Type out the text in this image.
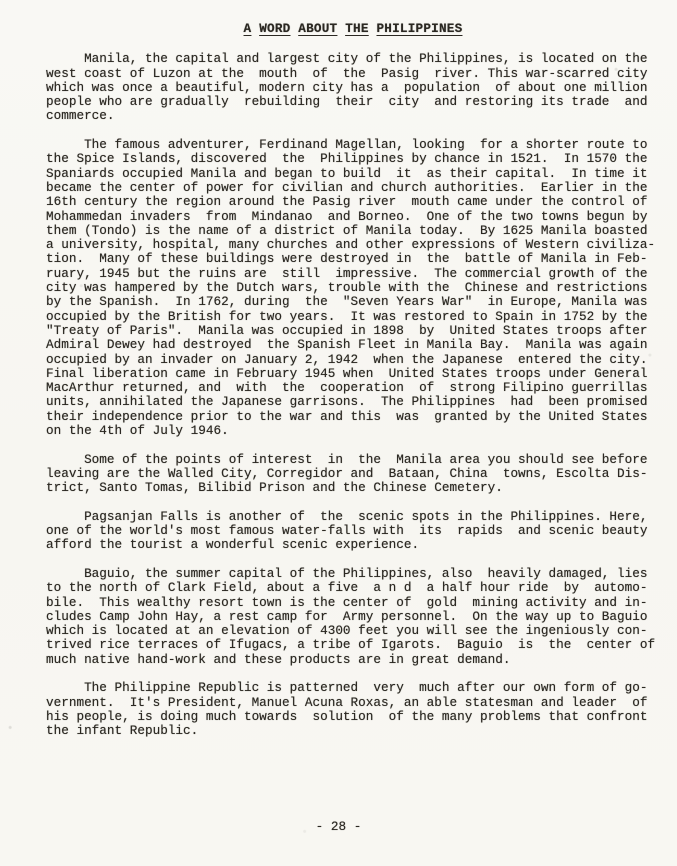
A WORD ABOUT THE PHILIPPINES
Manila, the capital and largest city of the Philippines, is located on the
west coast of Luzon at the  mouth  of  the  Pasig  river. This war-scarred city
which was once a beautiful, modern city has a  population  of about one million
people who are gradually  rebuilding  their  city  and restoring its trade  and
commerce.
The famous adventurer, Ferdinand Magellan, looking  for a shorter route to
the Spice Islands, discovered  the  Philippines by chance in 1521.  In 1570 the
Spaniards occupied Manila and began to build  it  as their capital.  In time it
became the center of power for civilian and church authorities.  Earlier in the
16th century the region around the Pasig river  mouth came under the control of
Mohammedan invaders  from  Mindanao  and Borneo.  One of the two towns begun by
them (Tondo) is the name of a district of Manila today.  By 1625 Manila boasted
a university, hospital, many churches and other expressions of Western civiliza-
tion.  Many of these buildings were destroyed in  the  battle of Manila in Feb-
ruary, 1945 but the ruins are  still  impressive.  The commercial growth of the
city was hampered by the Dutch wars, trouble with the  Chinese and restrictions
by the Spanish.  In 1762, during  the  "Seven Years War"  in Europe, Manila was
occupied by the British for two years.  It was restored to Spain in 1752 by the
"Treaty of Paris".  Manila was occupied in 1898  by  United States troops after
Admiral Dewey had destroyed  the Spanish Fleet in Manila Bay.  Manila was again
occupied by an invader on January 2, 1942  when the Japanese  entered the city.
Final liberation came in February 1945 when  United States troops under General
MacArthur returned, and  with  the  cooperation  of  strong Filipino guerrillas
units, annihilated the Japanese garrisons.  The Philippines  had  been promised
their independence prior to the war and this  was  granted by the United States
on the 4th of July 1946.
Some of the points of interest  in  the  Manila area you should see before
leaving are the Walled City, Corregidor and  Bataan, China  towns, Escolta Dis-
trict, Santo Tomas, Bilibid Prison and the Chinese Cemetery.
Pagsanjan Falls is another of  the  scenic spots in the Philippines. Here,
one of the world's most famous water-falls with  its  rapids  and scenic beauty
afford the tourist a wonderful scenic experience.
Baguio, the summer capital of the Philippines, also  heavily damaged, lies
to the north of Clark Field, about a five  a n d  a half hour ride  by  automo-
bile.  This wealthy resort town is the center of  gold  mining activity and in-
cludes Camp John Hay, a rest camp for  Army personnel.  On the way up to Baguio
which is located at an elevation of 4300 feet you will see the ingeniously con-
trived rice terraces of Ifugacs, a tribe of Igarots.  Baguio  is  the  center of
much native hand-work and these products are in great demand.
The Philippine Republic is patterned  very  much after our own form of go-
vernment.  It's President, Manuel Acuna Roxas, an able statesman and leader  of
his people, is doing much towards  solution  of the many problems that confront
the infant Republic.
- 28 -
